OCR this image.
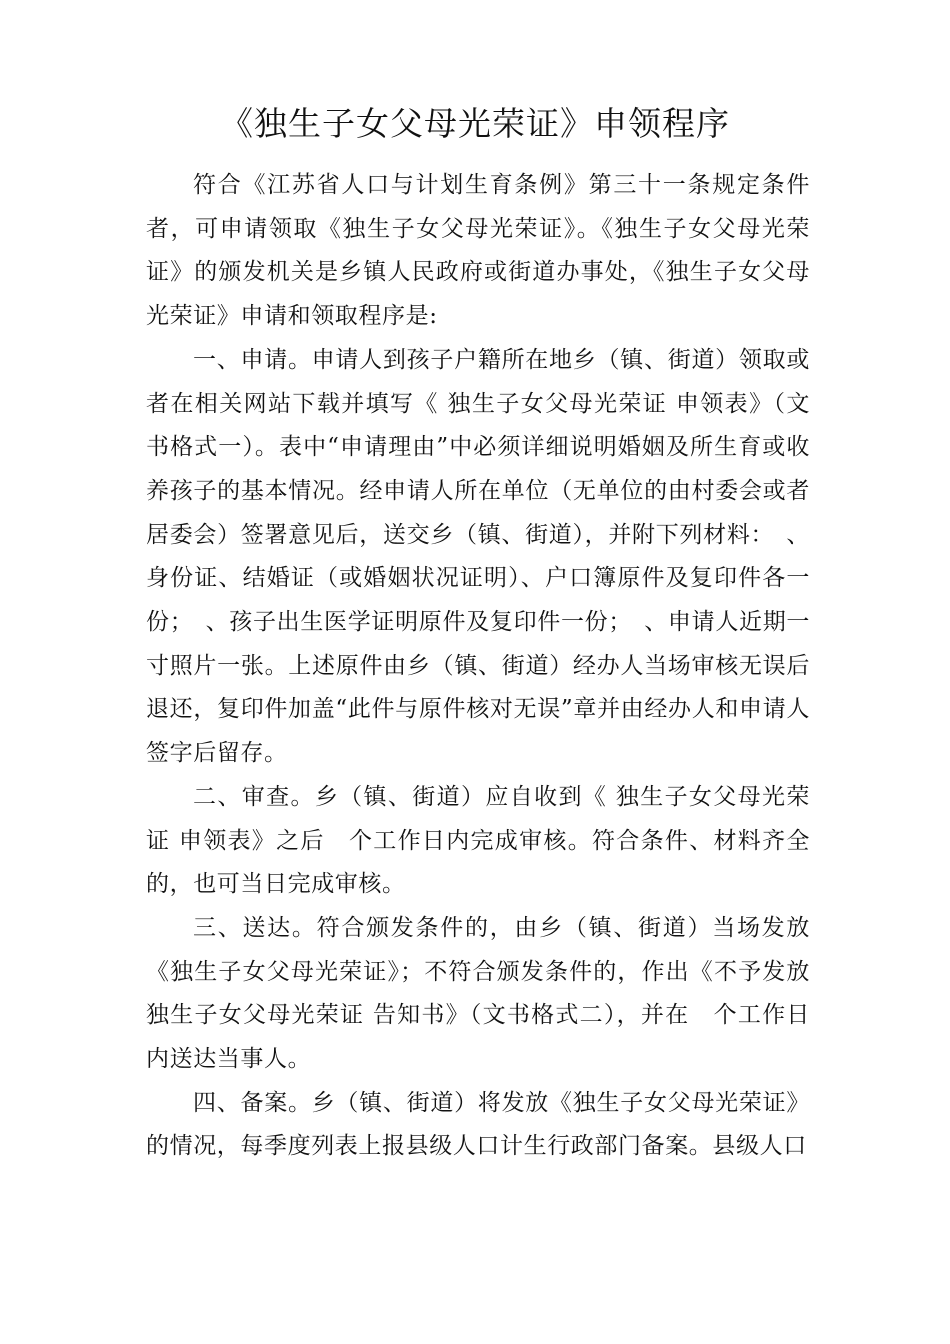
《独生子女父母光荣证》申领程序

符合《江苏省人口与计划生育条例》第三十一条规定条件者，可申请领取《独生子女父母光荣证》。《独生子女父母光荣证》的颁发机关是乡镇人民政府或街道办事处，《独生子女父母光荣证》申请和领取程序是:

一、申请。申请人到孩子户籍所在地乡（镇、街道）领取或者在相关网站下载并填写《 独生子女父母光荣证 申领表》（文书格式一）。表中“申请理由”中必须详细说明婚姻及所生育或收养孩子的基本情况。经申请人所在单位（无单位的由村委会或者居委会）签署意见后，送交乡（镇、街道），并附下列材料：　、身份证、结婚证（或婚姻状况证明）、户口簿原件及复印件各一份；　、孩子出生医学证明原件及复印件一份；　、申请人近期一寸照片一张。上述原件由乡（镇、街道）经办人当场审核无误后退还，复印件加盖“此件与原件核对无误”章并由经办人和申请人签字后留存。

二、审查。乡（镇、街道）应自收到《 独生子女父母光荣证 申领表》之后　个工作日内完成审核。符合条件、材料齐全的，也可当日完成审核。

三、送达。符合颁发条件的，由乡（镇、街道）当场发放《独生子女父母光荣证》；不符合颁发条件的，作出《不予发放 独生子女父母光荣证 告知书》（文书格式二），并在　个工作日内送达当事人。

四、备案。乡（镇、街道）将发放《独生子女父母光荣证》的情况，每季度列表上报县级人口计生行政部门备案。县级人口
